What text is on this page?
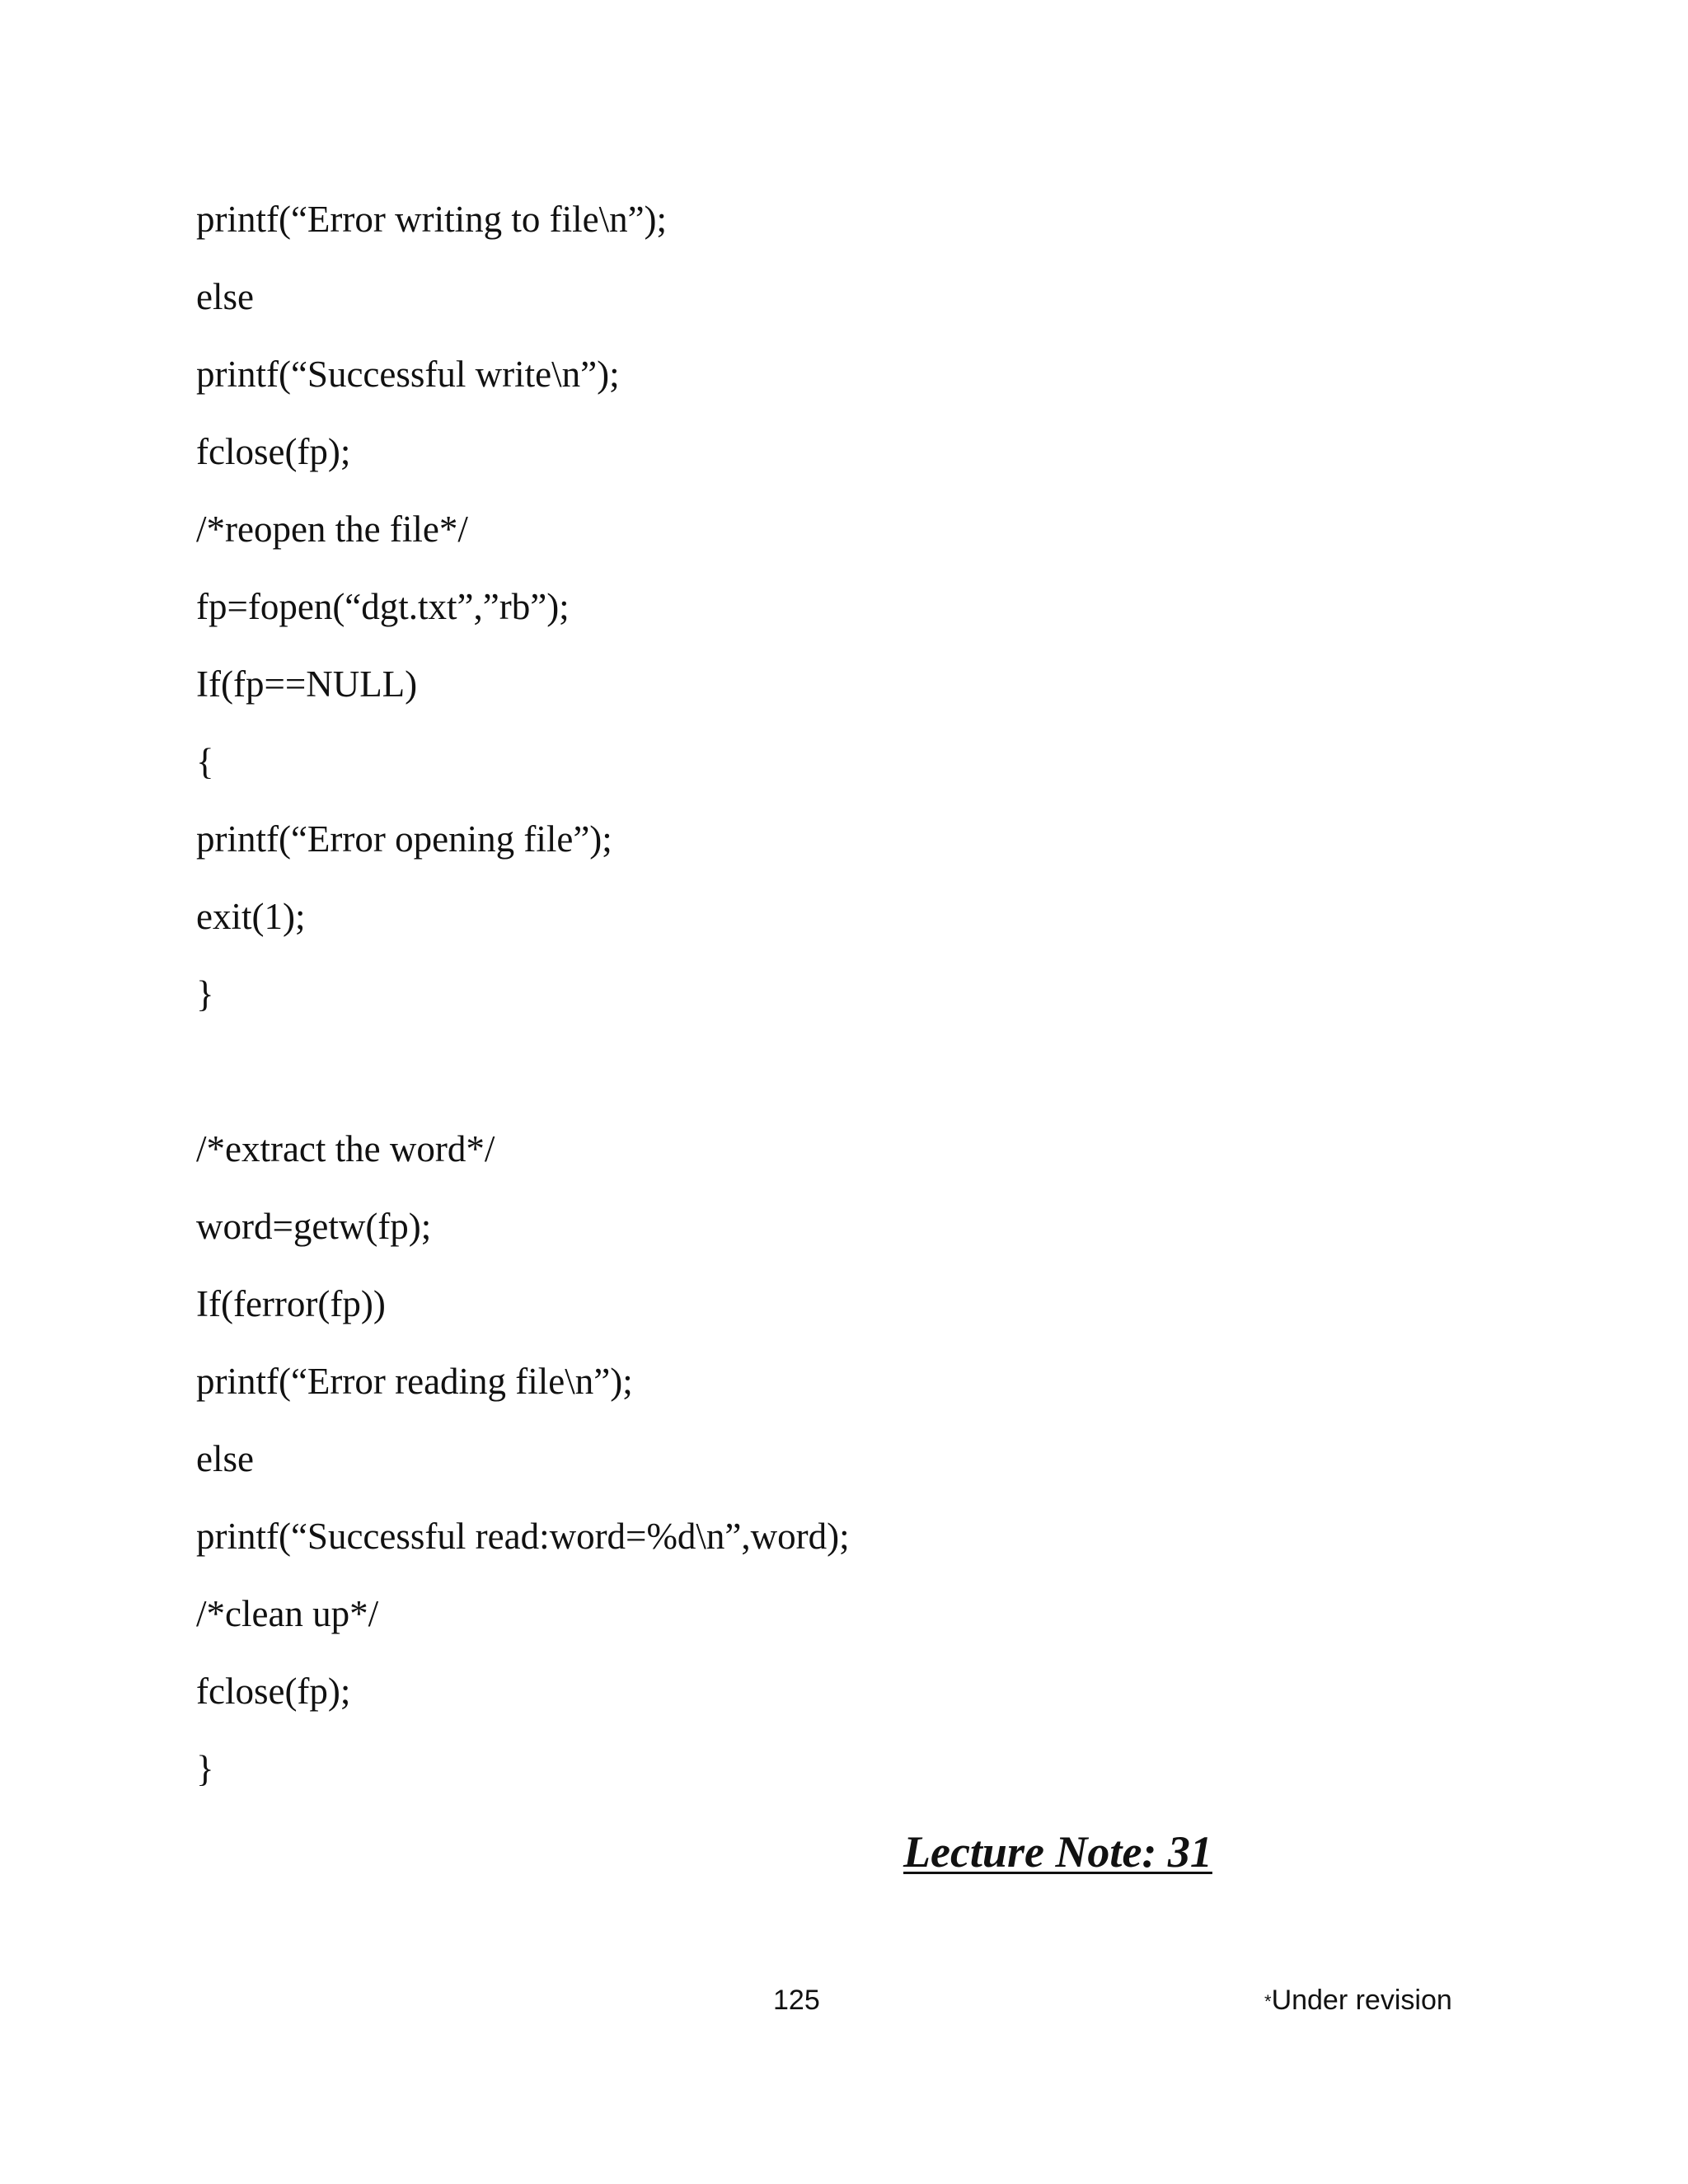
printf(“Error writing to file\n”);
else
printf(“Successful write\n”);
fclose(fp);
/*reopen the file*/
fp=fopen(“dgt.txt”,”rb”);
If(fp==NULL)
{
printf(“Error opening file”);
exit(1);
}
/*extract the word*/
word=getw(fp);
If(ferror(fp))
printf(“Error reading file\n”);
else
printf(“Successful read:word=%d\n”,word);
/*clean up*/
fclose(fp);
}
Lecture Note: 31
125	*Under revision
